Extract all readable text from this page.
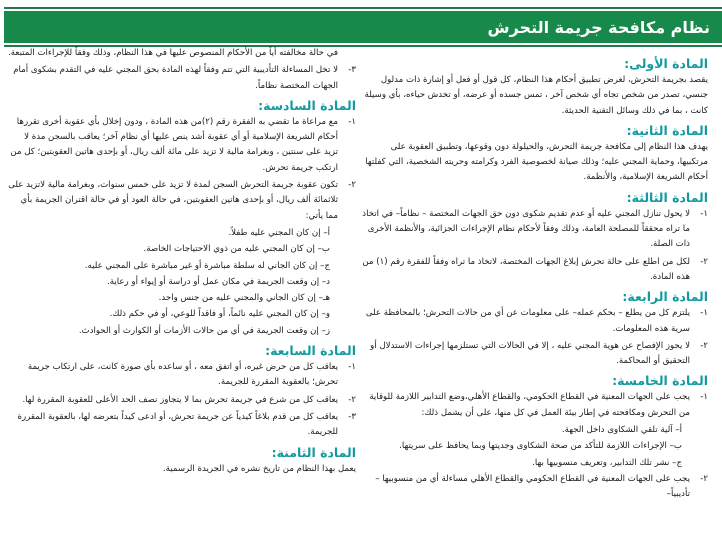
نظام مكافحة جريمة التحرش
المادة الأولى:
يقصد بجريمة التحرش، لغرض تطبيق أحكام هذا النظام، كل قول أو فعل أو إشارة ذات مدلول جنسي، تصدر من شخص تجاه أي شخص آخر ، تمس جسده أو عرضه، أو تخدش حياءه، بأي وسيلة كانت ، بما في ذلك وسائل التقنية الحديثة.
المادة الثانية:
يهدف هذا النظام إلى مكافحة جريمة التحرش، والحيلولة دون وقوعها، وتطبيق العقوبة على مرتكبيها، وحماية المجني عليه؛ وذلك صيانة لخصوصية الفرد وكرامته وحريته الشخصية، التي كفلتها أحكام الشريعة الإسلامية، والأنظمة.
المادة الثالثة:
١-
لا يحول تنازل المجني عليه أو عدم تقديم شكوى دون حق الجهات المختصة – نظاماً– في اتخاذ ما تراه محققاً للمصلحة العامة، وذلك وفقاً لأحكام نظام الإجراءات الجزائية، والأنظمة الأخرى ذات الصلة.
٢-
لكل من اطلع على حالة تحرش إبلاغ الجهات المختصة، لاتخاذ ما تراه وفقاً للفقرة رقم (١) من هذه المادة.
المادة الرابعة:
١-
يلتزم كل من يطلع – بحكم عمله– على معلومات عن أي من حالات التحرش؛ بالمحافظة على سرية هذه المعلومات.
٢-
لا يجوز الإفصاح عن هوية المجني عليه ، إلا في الحالات التي تستلزمها إجراءات الاستدلال أو التحقيق أو المحاكمة.
المادة الخامسة:
١-
يجب على الجهات المعنية في القطاع الحكومي، والقطاع الأهلي،وضع التدابير اللازمة للوقاية من التحرش ومكافحته في إطار بيئة العمل في كل منها، على أن يشمل ذلك:
أ– آلية تلقي الشكاوى داخل الجهة.
ب– الإجراءات اللازمة للتأكد من صحة الشكاوى وجديتها وبما يحافظ على سريتها.
ج– نشر تلك التدابير، وتعريف منسوبيها بها.
٢-
يجب على الجهات المعنية في القطاع الحكومي والقطاع الأهلي مساءلة أي من منسوبيها –تأديبياً–
في حالة مخالفته أياً من الأحكام المنصوص عليها في هذا النظام، وذلك وفقاً للإجراءات المتبعة.
٣-
لا تخل المساءلة التأديبية التي تتم وفقاً لهذه المادة بحق المجني عليه في التقدم بشكوى أمام الجهات المختصة نظاماً.
المادة السادسة:
١-
مع مراعاة ما تقضي به الفقرة رقم (٢)من هذه المادة ، ودون إخلال بأي عقوبة أخرى تقررها أحكام الشريعة الإسلامية أو أي عقوبة أشد ينص عليها أي نظام آخر؛ يعاقب بالسجن مدة لا تزيد على سنتين ، وبغرامة مالية لا تزيد على مائة ألف ريال، أو بإحدى هاتين العقوبتين؛ كل من ارتكب جريمة تحرش.
٢-
تكون عقوبة جريمة التحرش السجن لمدة لا تزيد على خمس سنوات، وبغرامة مالية لاتزيد على ثلاثمائة ألف ريال، أو بإحدى هاتين العقوبتين، في حالة العود أو في حالة اقتران الجريمة بأي مما يأتي:
أ– إن كان المجني عليه طفلاً.
ب– إن كان المجني عليه من ذوي الاحتياجات الخاصة.
ج– إن كان الجاني له سلطة مباشرة أو غير مباشرة على المجني عليه.
د– إن وقعت الجريمة في مكان عمل أو دراسة أو إيواء أو رعاية.
هـ– إن كان الجاني والمجني عليه من جنس واحد.
و– إن كان المجني عليه نائماً، أو فاقداً للوعي، أو في حكم ذلك.
ز– إن وقعت الجريمة في أي من حالات الأزمات أو الكوارث أو الحوادث.
المادة السابعة:
١-
يعاقب كل من حرض غيره، أو اتفق معه ، أو ساعده بأي صورة كانت، على ارتكاب جريمة تحرش؛ بالعقوبة المقررة للجريمة.
٢-
يعاقب كل من شرع في جريمة تحرش بما لا يتجاوز نصف الحد الأعلى للعقوبة المقررة لها.
٣-
يعاقب كل من قدم بلاغاً كيدياً عن جريمة تحرش، أو ادعى كيداً بتعرضه لها، بالعقوبة المقررة للجريمة.
المادة الثامنة:
يعمل بهذا النظام من تاريخ نشره في الجريدة الرسمية.
